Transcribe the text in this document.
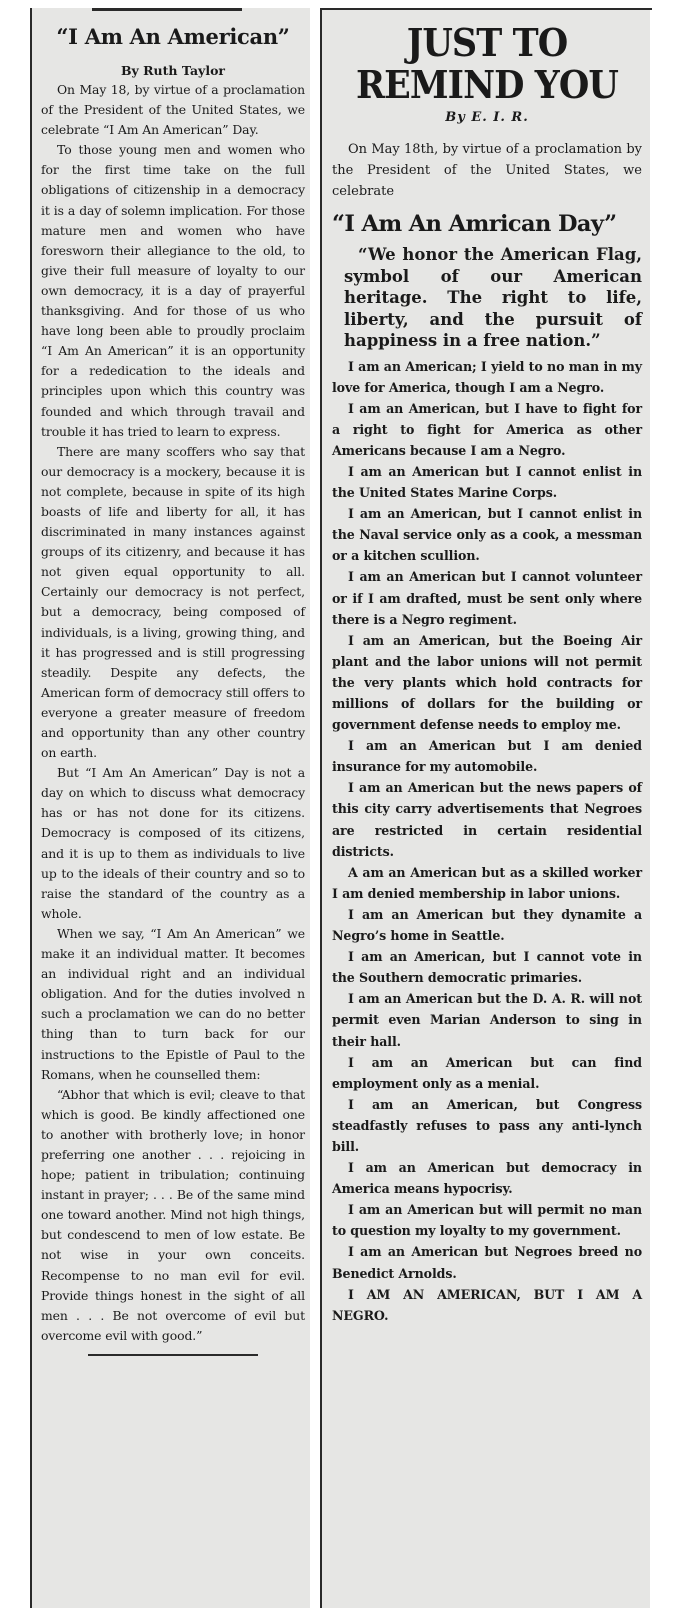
“I Am An American”
By Ruth Taylor

On May 18, by virtue of a proclamation of the President of the United States, we celebrate “I Am An American” Day.

To those young men and women who for the first time take on the full obligations of citizenship in a democracy it is a day of solemn implication. For those mature men and women who have foresworn their allegiance to the old, to give their full measure of loyalty to our own democracy, it is a day of prayerful thanksgiving. And for those of us who have long been able to proudly proclaim “I Am An American” it is an opportunity for a rededication to the ideals and principles upon which this country was founded and which through travail and trouble it has tried to learn to express.

There are many scoffers who say that our democracy is a mockery, because it is not complete, because in spite of its high boasts of life and liberty for all, it has discriminated in many instances against groups of its citizenry, and because it has not given equal opportunity to all. Certainly our democracy is not perfect, but a democracy, being composed of individuals, is a living, growing thing, and it has progressed and is still progressing steadily. Despite any defects, the American form of democracy still offers to everyone a greater measure of freedom and opportunity than any other country on earth.

But “I Am An American” Day is not a day on which to discuss what democracy has or has not done for its citizens. Democracy is composed of its citizens, and it is up to them as individuals to live up to the ideals of their country and so to raise the standard of the country as a whole.

When we say, “I Am An American” we make it an individual matter. It becomes an individual right and an individual obligation. And for the duties involved n such a proclamation we can do no better thing than to turn back for our instructions to the Epistle of Paul to the Romans, when he counselled them:

“Abhor that which is evil; cleave to that which is good. Be kindly affectioned one to another with brotherly love; in honor preferring one another . . . rejoicing in hope; patient in tribulation; continuing instant in prayer; . . . Be of the same mind one toward another. Mind not high things, but condescend to men of low estate. Be not wise in your own conceits. Recompense to no man evil for evil. Provide things honest in the sight of all men . . . Be not overcome of evil but overcome evil with good.”

JUST TO
REMIND YOU
By E. I. R.
On May 18th, by virtue of a proclamation by the President of the United States, we celebrate
“I Am An Amrican Day”
“We honor the American Flag, symbol of our American heritage. The right to life, liberty, and the pursuit of happiness in a free nation.”

I am an American; I yield to no man in my love for America, though I am a Negro.

I am an American, but I have to fight for a right to fight for America as other Americans because I am a Negro.

I am an American but I cannot enlist in the United States Marine Corps.

I am an American, but I cannot enlist in the Naval service only as a cook, a messman or a kitchen scullion.

I am an American but I cannot volunteer or if I am drafted, must be sent only where there is a Negro regiment.

I am an American, but the Boeing Air plant and the labor unions will not permit the very plants which hold contracts for millions of dollars for the building or government defense needs to employ me.

I am an American but I am denied insurance for my automobile.

I am an American but the news papers of this city carry advertisements that Negroes are restricted in certain residential districts.

A am an American but as a skilled worker I am denied membership in labor unions.

I am an American but they dynamite a Negro’s home in Seattle.

I am an American, but I cannot vote in the Southern democratic primaries.

I am an American but the D. A. R. will not permit even Marian Anderson to sing in their hall.

I am an American but can find employment only as a menial.

I am an American, but Congress steadfastly refuses to pass any anti-lynch bill.

I am an American but democracy in America means hypocrisy.

I am an American but will permit no man to question my loyalty to my government.

I am an American but Negroes breed no Benedict Arnolds.

I AM AN AMERICAN, BUT I AM A NEGRO.
